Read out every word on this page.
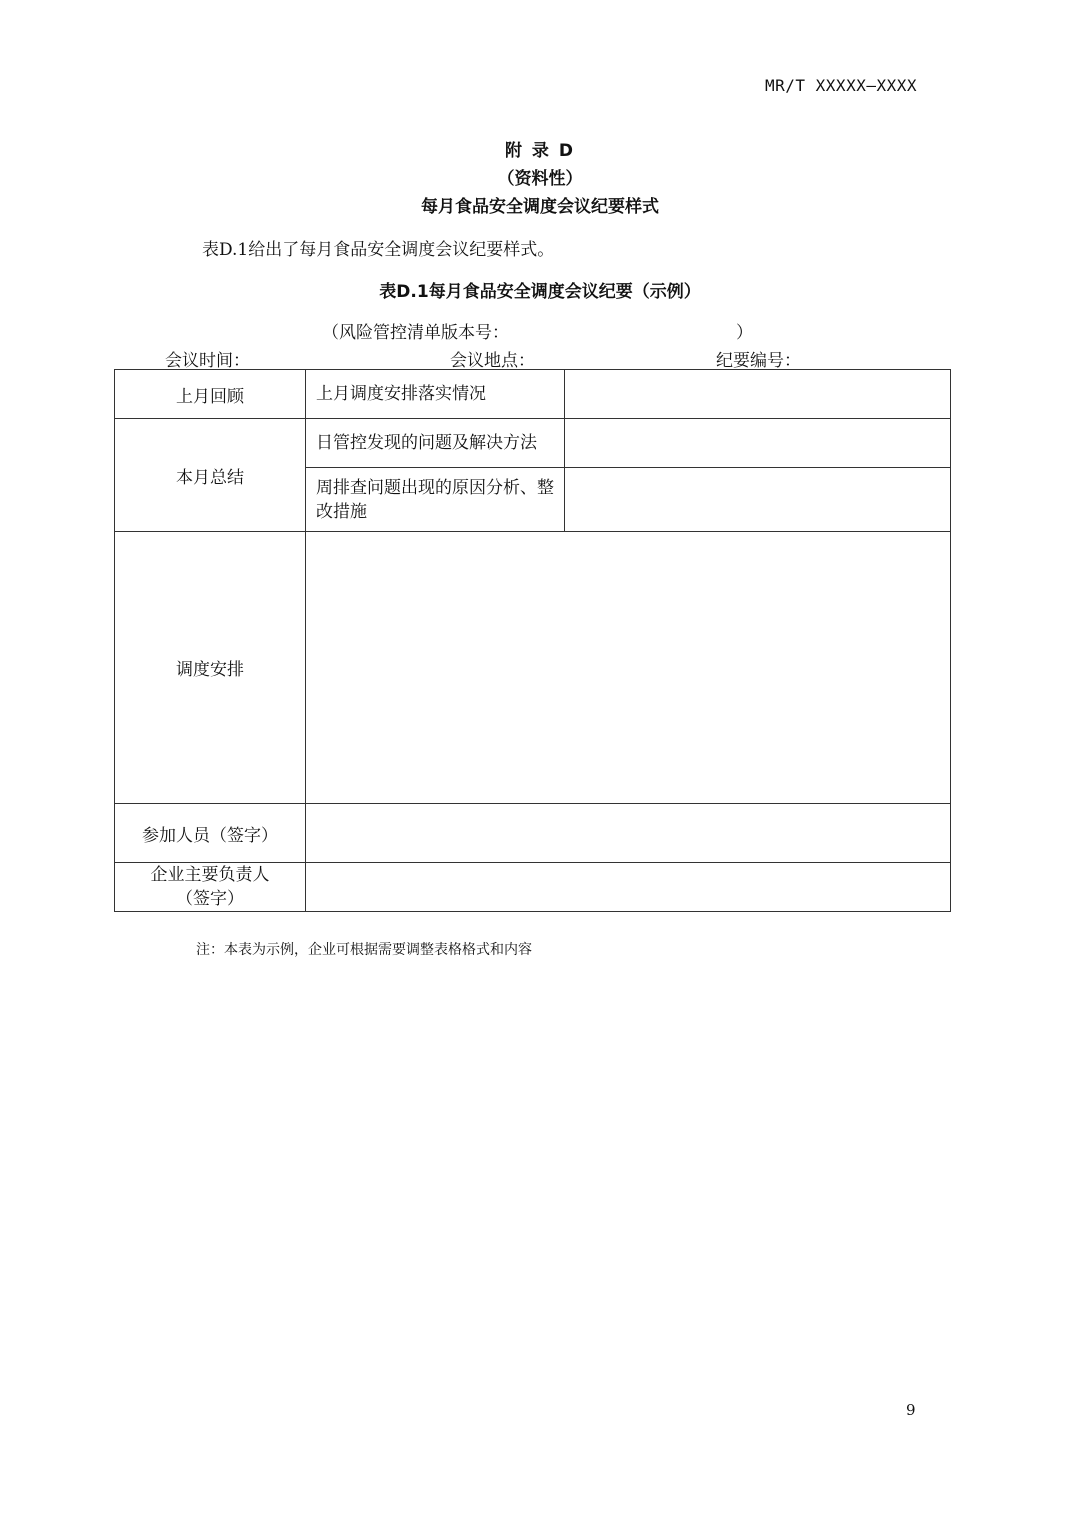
MR/T XXXXX—XXXX
附 录 D
（资料性）
每月食品安全调度会议纪要样式
表D.1给出了每月食品安全调度会议纪要样式。
表D.1每月食品安全调度会议纪要（示例）
（风险管控清单版本号：	）
会议时间：	会议地点：	纪要编号：
上月回顾	上月调度安排落实情况	
本月总结	日管控发现的问题及解决方法	
	周排查问题出现的原因分析、整改措施	
调度安排		
参加人员（签字）		

企业主要负责人
（签字）		

注：本表为示例，企业可根据需要调整表格格式和内容
9
